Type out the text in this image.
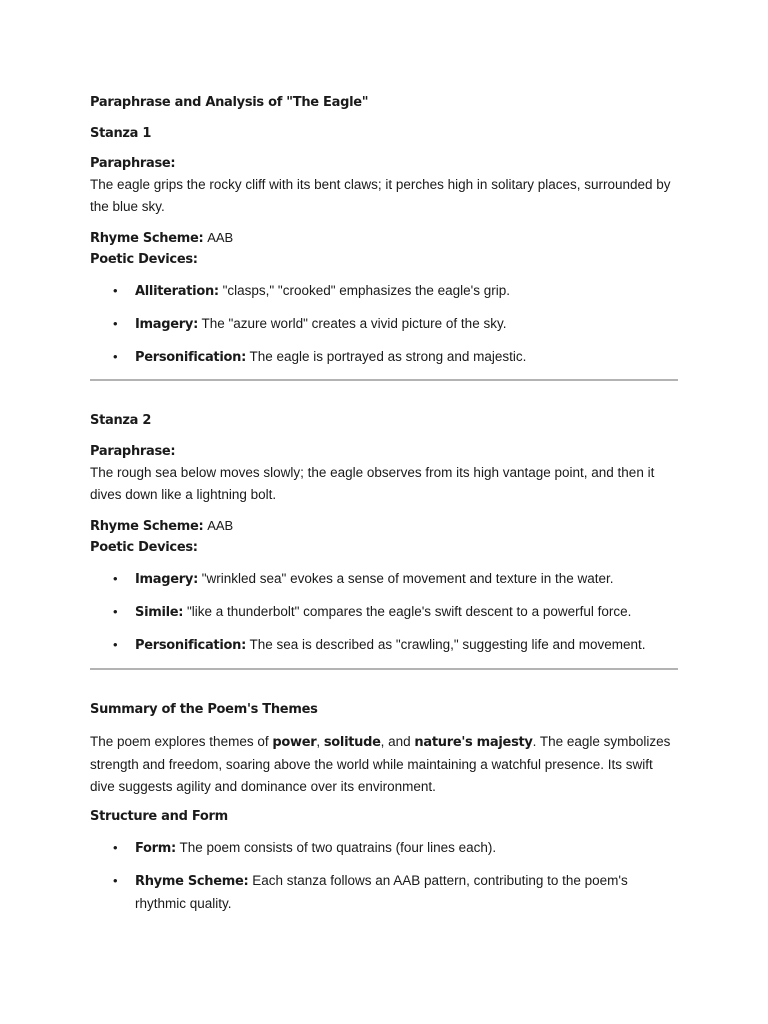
Paraphrase and Analysis of "The Eagle"

Stanza 1

Paraphrase:

The eagle grips the rocky cliff with its bent claws; it perches high in solitary places, surrounded by the blue sky.

Rhyme Scheme: AAB

Poetic Devices:

• Alliteration: "clasps," "crooked" emphasizes the eagle's grip.
• Imagery: The "azure world" creates a vivid picture of the sky.
• Personification: The eagle is portrayed as strong and majestic.

Stanza 2

Paraphrase:

The rough sea below moves slowly; the eagle observes from its high vantage point, and then it dives down like a lightning bolt.

Rhyme Scheme: AAB

Poetic Devices:

• Imagery: "wrinkled sea" evokes a sense of movement and texture in the water.
• Simile: "like a thunderbolt" compares the eagle's swift descent to a powerful force.
• Personification: The sea is described as "crawling," suggesting life and movement.

Summary of the Poem's Themes

The poem explores themes of power, solitude, and nature's majesty. The eagle symbolizes strength and freedom, soaring above the world while maintaining a watchful presence. Its swift dive suggests agility and dominance over its environment.

Structure and Form

• Form: The poem consists of two quatrains (four lines each).
• Rhyme Scheme: Each stanza follows an AAB pattern, contributing to the poem's rhythmic quality.
